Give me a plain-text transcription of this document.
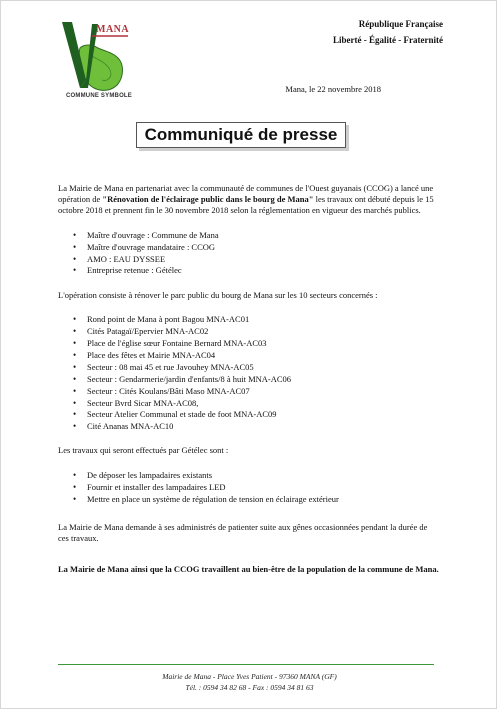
MANA
COMMUNE SYMBOLE
République Française
Liberté - Égalité - Fraternité
Mana, le 22 novembre 2018
Communiqué de presse

La Mairie de Mana en partenariat avec la communauté de communes de l'Ouest guyanais (CCOG) a lancé une opération de "Rénovation de l'éclairage public dans le bourg de Mana" les travaux ont débuté depuis le 15 octobre 2018 et prennent fin le 30 novembre 2018 selon la réglementation en vigueur des marchés publics.

• Maître d'ouvrage : Commune de Mana
• Maître d'ouvrage mandataire : CCOG
• AMO : EAU DYSSEE
• Entreprise retenue : Gétélec

L'opération consiste à rénover le parc public du bourg de Mana sur les 10 secteurs concernés :

• Rond point de Mana à pont Bagou MNA-AC01
• Cités Patagaï/Epervier MNA-AC02
• Place de l'église sœur Fontaine Bernard MNA-AC03
• Place des fêtes et Mairie MNA-AC04
• Secteur : 08 mai 45 et rue Javouhey MNA-AC05
• Secteur : Gendarmerie/jardin d'enfants/8 à huit MNA-AC06
• Secteur : Cités Koulans/Bâti Maso MNA-AC07
• Secteur Bvrd Sicar MNA-AC08,
• Secteur Atelier Communal et stade de foot MNA-AC09
• Cité Ananas MNA-AC10

Les travaux qui seront effectués par Gétélec sont :

• De déposer les lampadaires existants
• Fournir et installer des lampadaires LED
• Mettre en place un système de régulation de tension en éclairage extérieur

La Mairie de Mana demande à ses administrés de patienter suite aux gênes occasionnées pendant la durée de ces travaux.

La Mairie de Mana ainsi que la CCOG travaillent au bien-être de la population de la commune de Mana.

Mairie de Mana - Place Yves Patient - 97360 MANA (GF)
Tél. : 0594 34 82 68 - Fax : 0594 34 81 63
